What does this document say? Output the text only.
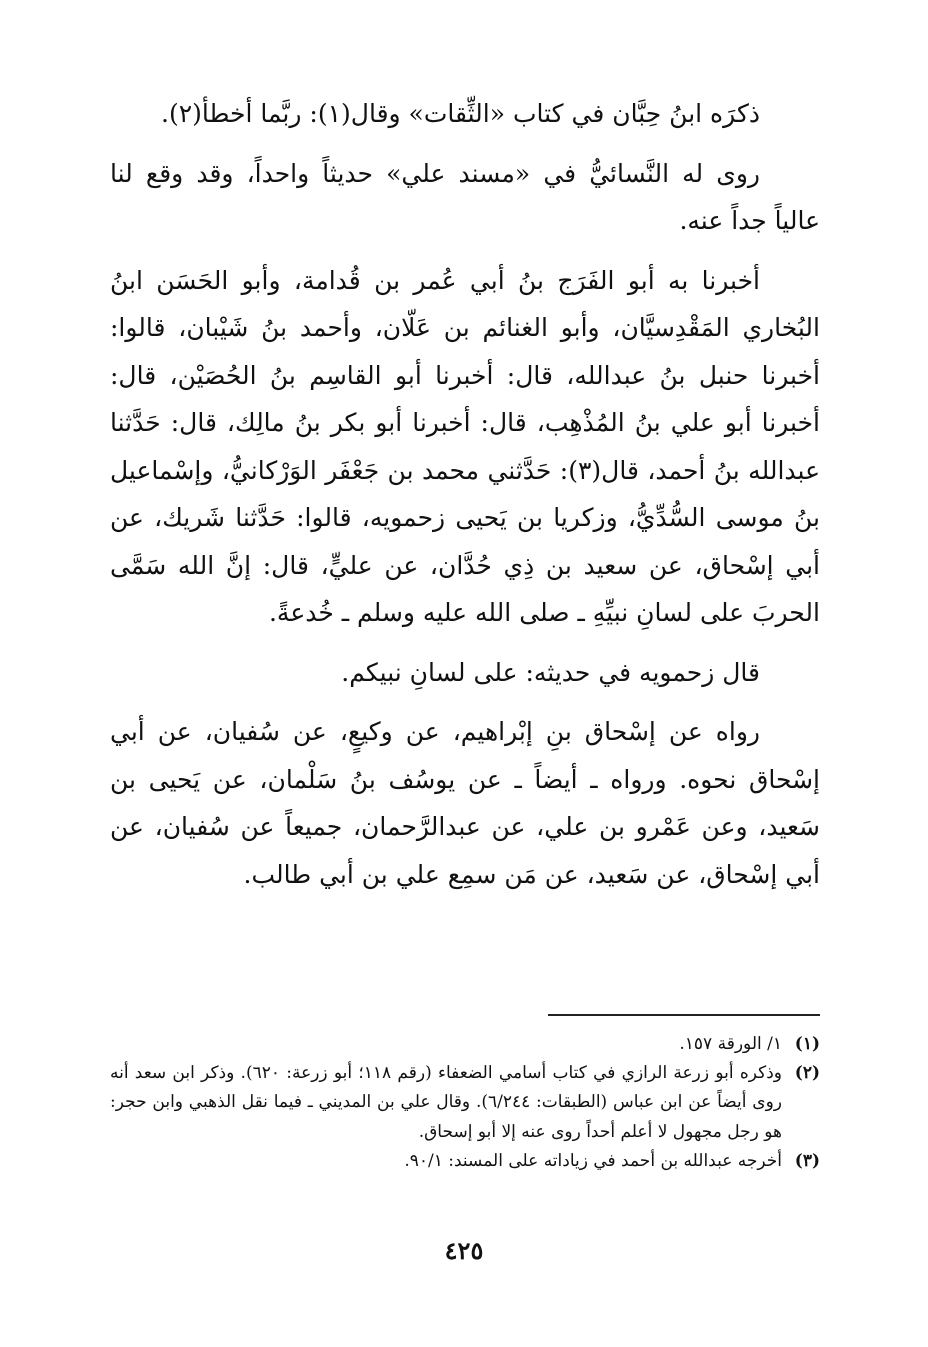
ذكرَه ابنُ حِبَّان في كتاب «الثِّقات» وقال(١): ربَّما أخطأ(٢).

روى له النَّسائيُّ في «مسند علي» حديثاً واحداً، وقد وقع لنا عالياً جداً عنه.

أخبرنا به أبو الفَرَج بنُ أبي عُمر بن قُدامة، وأبو الحَسَن ابنُ البُخاري المَقْدِسيَّان، وأبو الغنائم بن عَلّان، وأحمد بنُ شَيْبان، قالوا: أخبرنا حنبل بنُ عبدالله، قال: أخبرنا أبو القاسِم بنُ الحُصَيْن، قال: أخبرنا أبو علي بنُ المُذْهِب، قال: أخبرنا أبو بكر بنُ مالِك، قال: حَدَّثنا عبدالله بنُ أحمد، قال(٣): حَدَّثني محمد بن جَعْفَر الوَرْكانيُّ، وإسْماعيل بنُ موسى السُّدِّيُّ، وزكريا بن يَحيى زحمويه، قالوا: حَدَّثنا شَريك، عن أبي إسْحاق، عن سعيد بن ذِي حُدَّان، عن عليٍّ، قال: إنَّ الله سَمَّى الحربَ على لسانِ نبيِّهِ ـ صلى الله عليه وسلم ـ خُدعةً.

قال زحمويه في حديثه: على لسانِ نبيكم.

رواه عن إسْحاق بنِ إبْراهيم، عن وكيعٍ، عن سُفيان، عن أبي إسْحاق نحوه. ورواه ـ أيضاً ـ عن يوسُف بنُ سَلْمان، عن يَحيى بن سَعيد، وعن عَمْرو بن علي، عن عبدالرَّحمان، جميعاً عن سُفيان، عن أبي إسْحاق، عن سَعيد، عن مَن سمِع علي بن أبي طالب.

(١)
١/ الورقة ١٥٧.

(٢)
وذكره أبو زرعة الرازي في كتاب أسامي الضعفاء (رقم ١١٨؛ أبو زرعة: ٦٢٠). وذكر ابن سعد أنه روى أيضاً عن ابن عباس (الطبقات: ٦/٢٤٤). وقال علي بن المديني ـ فيما نقل الذهبي وابن حجر: هو رجل مجهول لا أعلم أحداً روى عنه إلا أبو إسحاق.

(٣)
أخرجه عبدالله بن أحمد في زياداته على المسند: ٩٠/١.

٤٢٥
